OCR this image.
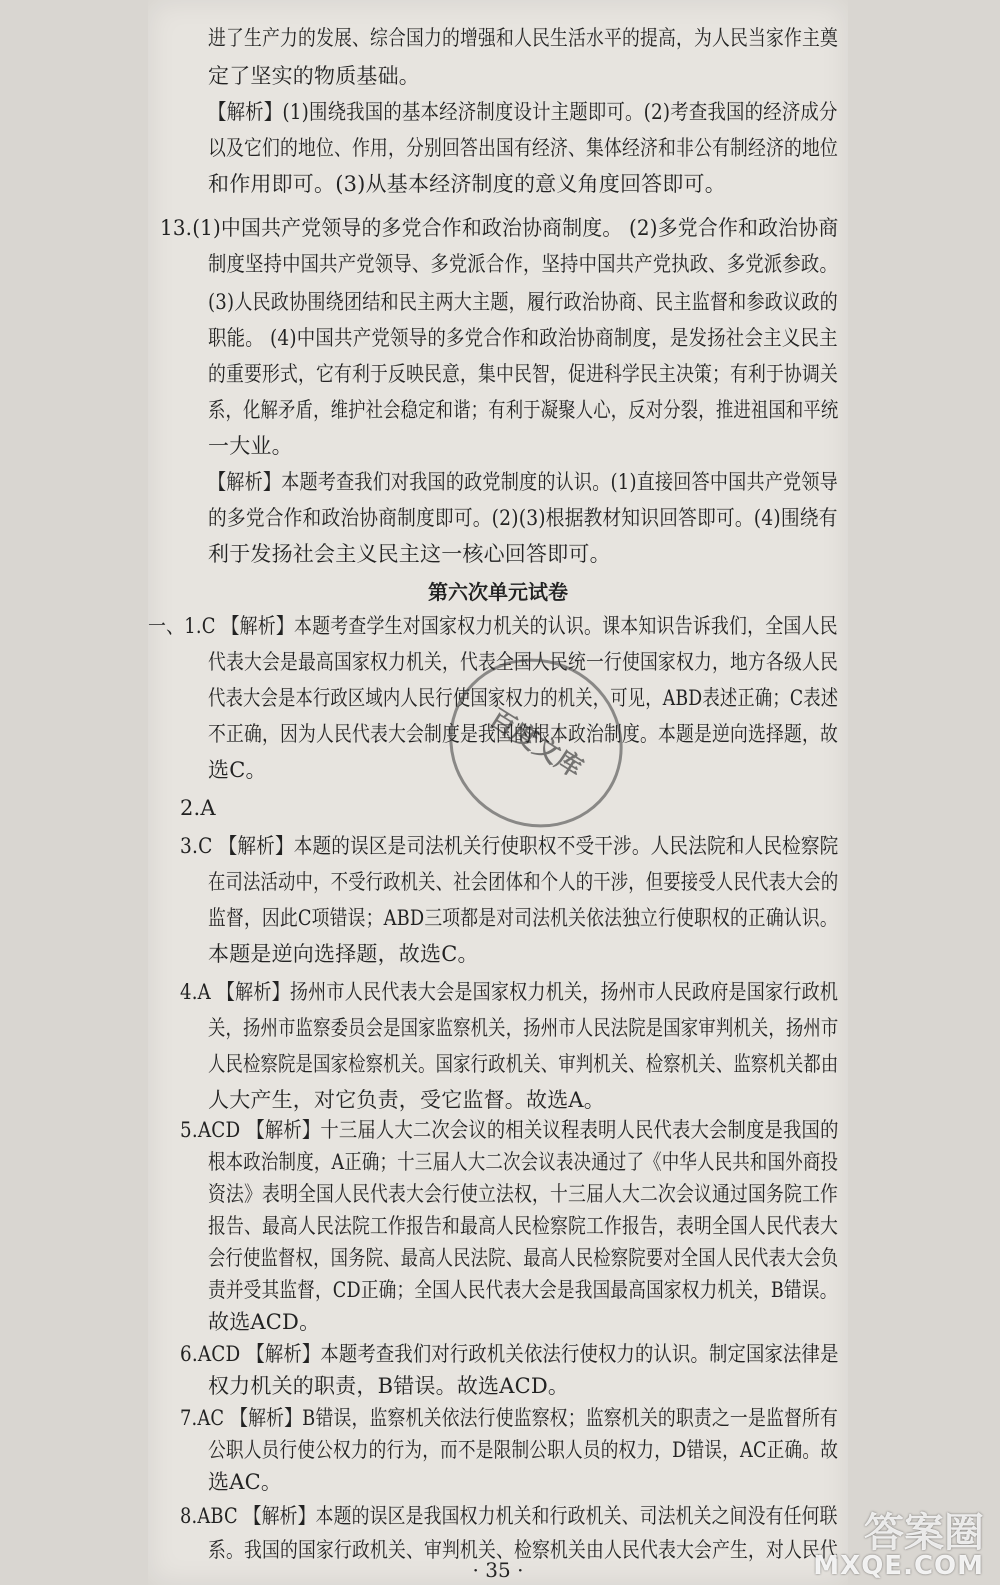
进了生产力的发展、综合国力的增强和人民生活水平的提高，为人民当家作主奠
定了坚实的物质基础。
【解析】(1)围绕我国的基本经济制度设计主题即可。(2)考查我国的经济成分
以及它们的地位、作用，分别回答出国有经济、集体经济和非公有制经济的地位
和作用即可。(3)从基本经济制度的意义角度回答即可。
13.(1)中国共产党领导的多党合作和政治协商制度。 (2)多党合作和政治协商
制度坚持中国共产党领导、多党派合作，坚持中国共产党执政、多党派参政。
(3)人民政协围绕团结和民主两大主题，履行政治协商、民主监督和参政议政的
职能。 (4)中国共产党领导的多党合作和政治协商制度，是发扬社会主义民主
的重要形式，它有利于反映民意，集中民智，促进科学民主决策；有利于协调关
系，化解矛盾，维护社会稳定和谐；有利于凝聚人心，反对分裂，推进祖国和平统
一大业。
【解析】本题考查我们对我国的政党制度的认识。(1)直接回答中国共产党领导
的多党合作和政治协商制度即可。(2)(3)根据教材知识回答即可。(4)围绕有
利于发扬社会主义民主这一核心回答即可。
第六次单元试卷
一、1.C 【解析】本题考查学生对国家权力机关的认识。课本知识告诉我们，全国人民
代表大会是最高国家权力机关，代表全国人民统一行使国家权力，地方各级人民
代表大会是本行政区域内人民行使国家权力的机关，可见，ABD表述正确；C表述
不正确，因为人民代表大会制度是我国的根本政治制度。本题是逆向选择题，故
选C。
2.A
3.C 【解析】本题的误区是司法机关行使职权不受干涉。人民法院和人民检察院
在司法活动中，不受行政机关、社会团体和个人的干涉，但要接受人民代表大会的
监督，因此C项错误；ABD三项都是对司法机关依法独立行使职权的正确认识。
本题是逆向选择题，故选C。
4.A 【解析】扬州市人民代表大会是国家权力机关，扬州市人民政府是国家行政机
关，扬州市监察委员会是国家监察机关，扬州市人民法院是国家审判机关，扬州市
人民检察院是国家检察机关。国家行政机关、审判机关、检察机关、监察机关都由
人大产生，对它负责，受它监督。故选A。
5.ACD 【解析】十三届人大二次会议的相关议程表明人民代表大会制度是我国的
根本政治制度，A正确；十三届人大二次会议表决通过了《中华人民共和国外商投
资法》表明全国人民代表大会行使立法权，十三届人大二次会议通过国务院工作
报告、最高人民法院工作报告和最高人民检察院工作报告，表明全国人民代表大
会行使监督权，国务院、最高人民法院、最高人民检察院要对全国人民代表大会负
责并受其监督，CD正确；全国人民代表大会是我国最高国家权力机关，B错误。
故选ACD。
6.ACD 【解析】本题考查我们对行政机关依法行使权力的认识。制定国家法律是
权力机关的职责，B错误。故选ACD。
7.AC 【解析】B错误，监察机关依法行使监察权；监察机关的职责之一是监督所有
公职人员行使公权力的行为，而不是限制公职人员的权力，D错误，AC正确。故
选AC。
8.ABC 【解析】本题的误区是我国权力机关和行政机关、司法机关之间没有任何联
百度文库
系。我国的国家行政机关、审判机关、检察机关由人民代表大会产生，对人民代
· 35 ·
答案圈
MXQE.COM
